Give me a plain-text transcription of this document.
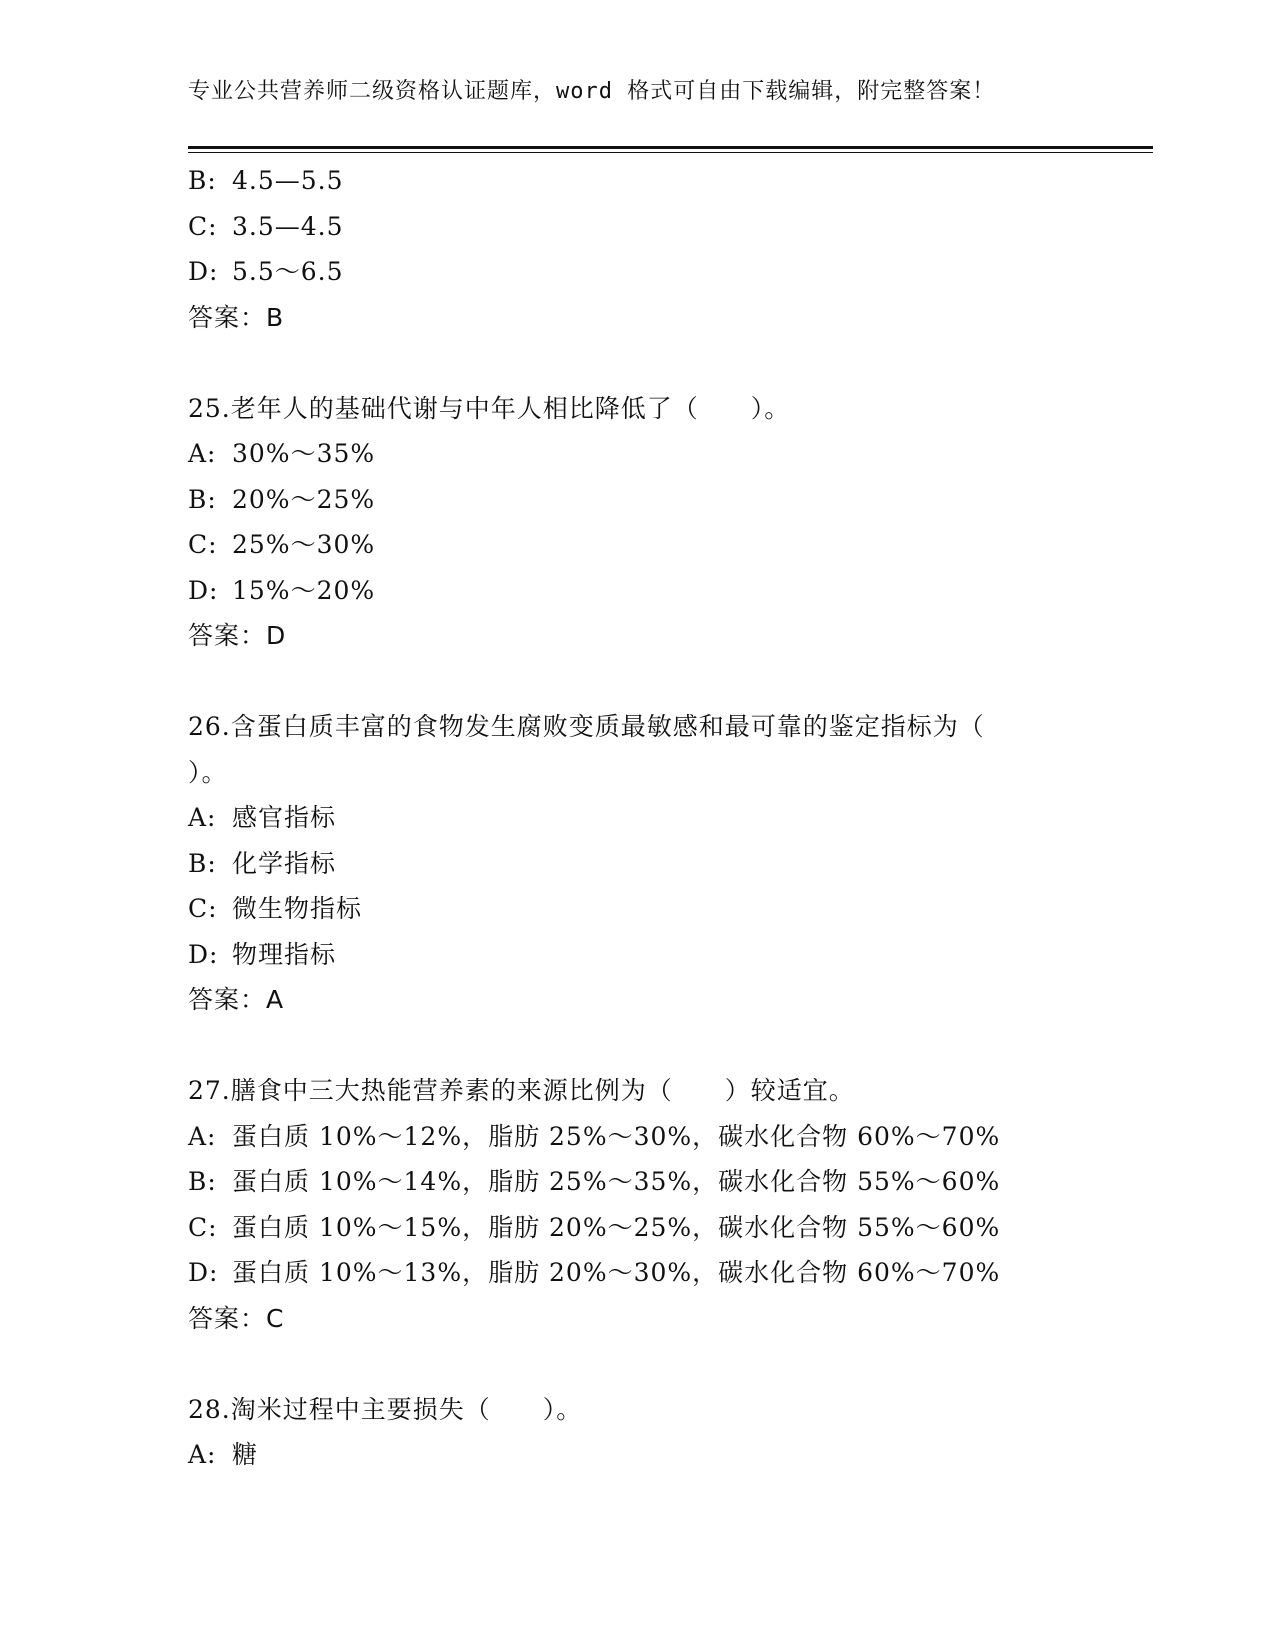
专业公共营养师二级资格认证题库，word 格式可自由下载编辑，附完整答案！
B: 4.5—5.5
C: 3.5—4.5
D: 5.5～6.5
答案：B
25.老年人的基础代谢与中年人相比降低了（　　）。
A: 30%～35%
B: 20%～25%
C: 25%～30%
D: 15%～20%
答案：D
26.含蛋白质丰富的食物发生腐败变质最敏感和最可靠的鉴定指标为（
）。
A: 感官指标
B: 化学指标
C: 微生物指标
D: 物理指标
答案：A
27.膳食中三大热能营养素的来源比例为（　　）较适宜。
A: 蛋白质 10%～12%，脂肪 25%～30%，碳水化合物 60%～70%
B: 蛋白质 10%～14%，脂肪 25%～35%，碳水化合物 55%～60%
C: 蛋白质 10%～15%，脂肪 20%～25%，碳水化合物 55%～60%
D: 蛋白质 10%～13%，脂肪 20%～30%，碳水化合物 60%～70%
答案：C
28.淘米过程中主要损失（　　）。
A: 糖
